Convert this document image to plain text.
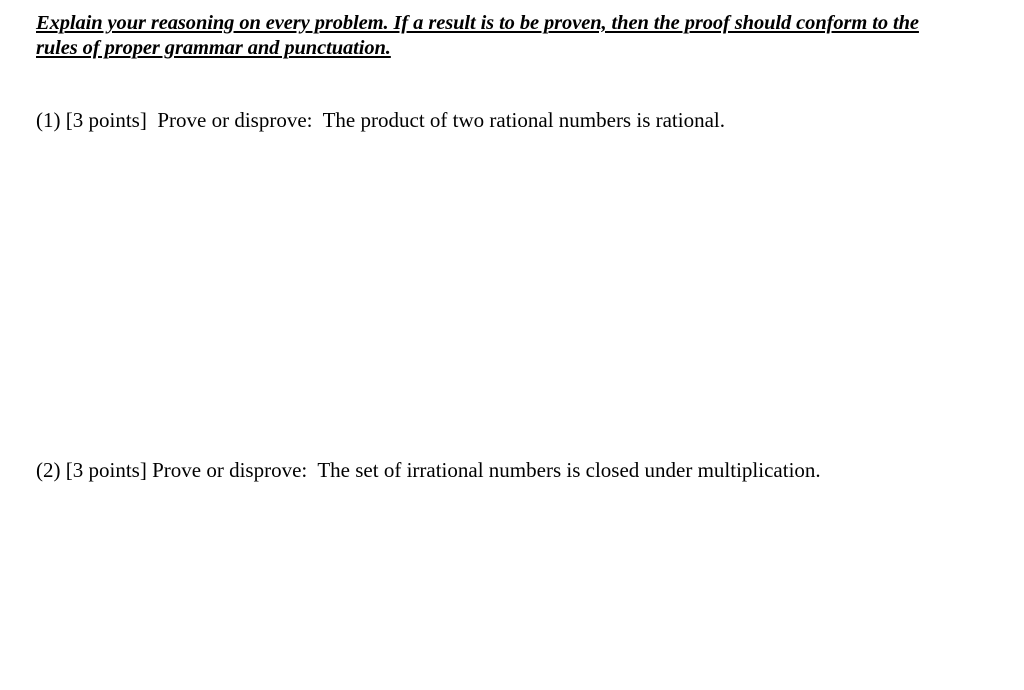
Explain your reasoning on every problem. If a result is to be proven, then the proof should conform to the
rules of proper grammar and punctuation.
(1) [3 points] Prove or disprove: The product of two rational numbers is rational.
(2) [3 points] Prove or disprove: The set of irrational numbers is closed under multiplication.
